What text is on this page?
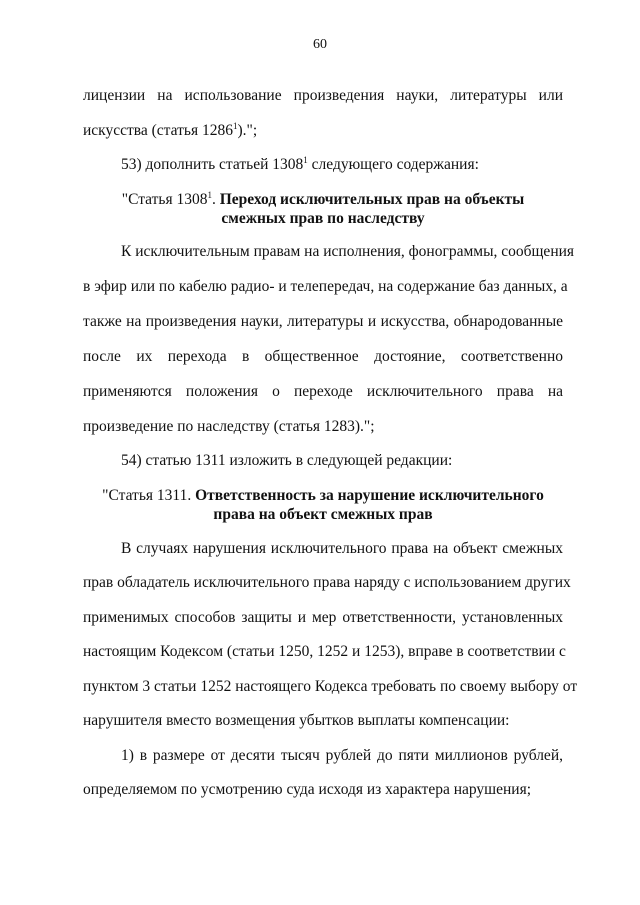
60
лицензии на использование произведения науки, литературы или
искусства (статья 1286$^1$).";
53) дополнить статьей 1308$^1$ следующего содержания:
"Статья 1308$^1$. Переход исключительных прав на объекты
смежных прав по наследству
К исключительным правам на исполнения, фонограммы, сообщения
в эфир или по кабелю радио- и телепередач, на содержание баз данных, а
также на произведения науки, литературы и искусства, обнародованные
после их перехода в общественное достояние, соответственно
применяются положения о переходе исключительного права на
произведение по наследству (статья 1283).";
54) статью 1311 изложить в следующей редакции:
"Статья 1311. Ответственность за нарушение исключительного
права на объект смежных прав
В случаях нарушения исключительного права на объект смежных
прав обладатель исключительного права наряду с использованием других
применимых способов защиты и мер ответственности, установленных
настоящим Кодексом (статьи 1250, 1252 и 1253), вправе в соответствии с
пунктом 3 статьи 1252 настоящего Кодекса требовать по своему выбору от
нарушителя вместо возмещения убытков выплаты компенсации:
1) в размере от десяти тысяч рублей до пяти миллионов рублей,
определяемом по усмотрению суда исходя из характера нарушения;
